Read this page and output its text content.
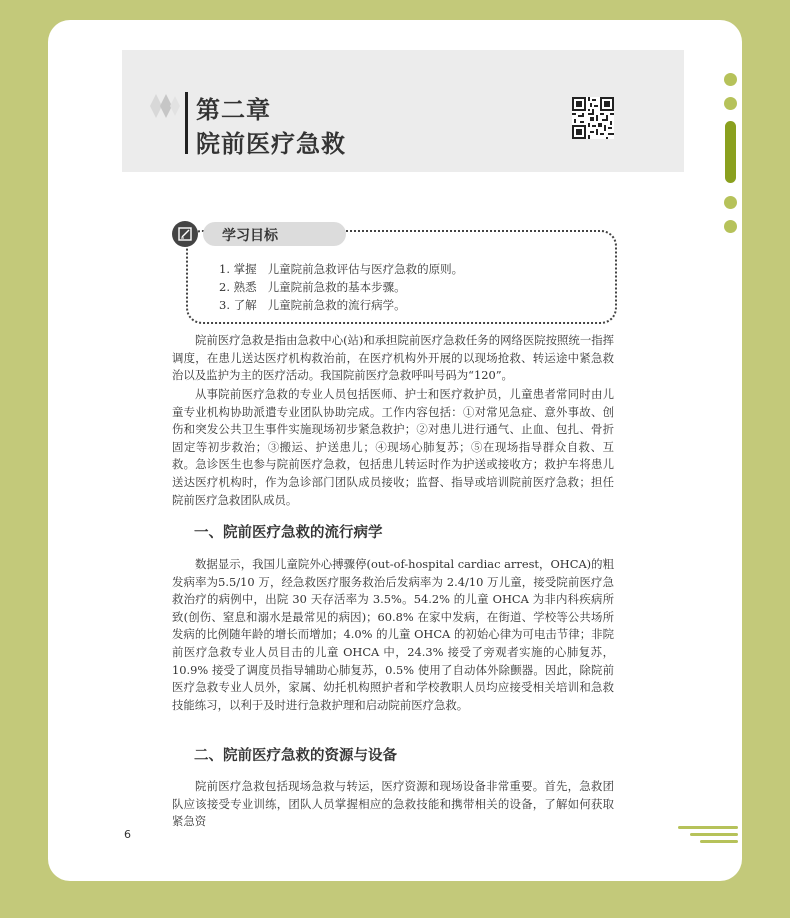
第二章
院前医疗急救
学习目标
1. 掌握   儿童院前急救评估与医疗急救的原则。
2. 熟悉   儿童院前急救的基本步骤。
3. 了解   儿童院前急救的流行病学。

院前医疗急救是指由急救中心(站)和承担院前医疗急救任务的网络医院按照统一指挥调度，在患儿送达医疗机构救治前，在医疗机构外开展的以现场抢救、转运途中紧急救治以及监护为主的医疗活动。我国院前医疗急救呼叫号码为“120”。

从事院前医疗急救的专业人员包括医师、护士和医疗救护员，儿童患者常同时由儿童专业机构协助派遣专业团队协助完成。工作内容包括：①对常见急症、意外事故、创伤和突发公共卫生事件实施现场初步紧急救护；②对患儿进行通气、止血、包扎、骨折固定等初步救治；③搬运、护送患儿；④现场心肺复苏；⑤在现场指导群众自救、互救。急诊医生也参与院前医疗急救，包括患儿转运时作为护送或接收方；救护车将患儿送达医疗机构时，作为急诊部门团队成员接收；监督、指导或培训院前医疗急救；担任院前医疗急救团队成员。

一、院前医疗急救的流行病学

数据显示，我国儿童院外心搏骤停(out-of-hospital cardiac arrest，OHCA)的粗发病率为5.5/10 万，经急救医疗服务救治后发病率为 2.4/10 万儿童，接受院前医疗急救治疗的病例中，出院 30 天存活率为 3.5%。54.2% 的儿童 OHCA 为非内科疾病所致(创伤、窒息和溺水是最常见的病因)；60.8% 在家中发病，在街道、学校等公共场所发病的比例随年龄的增长而增加；4.0% 的儿童 OHCA 的初始心律为可电击节律；非院前医疗急救专业人员目击的儿童 OHCA 中，24.3% 接受了旁观者实施的心肺复苏，10.9% 接受了调度员指导辅助心肺复苏，0.5% 使用了自动体外除颤器。因此，除院前医疗急救专业人员外，家属、幼托机构照护者和学校教职人员均应接受相关培训和急救技能练习，以利于及时进行急救护理和启动院前医疗急救。

二、院前医疗急救的资源与设备

院前医疗急救包括现场急救与转运，医疗资源和现场设备非常重要。首先，急救团队应该接受专业训练，团队人员掌握相应的急救技能和携带相关的设备，了解如何获取紧急资

6
